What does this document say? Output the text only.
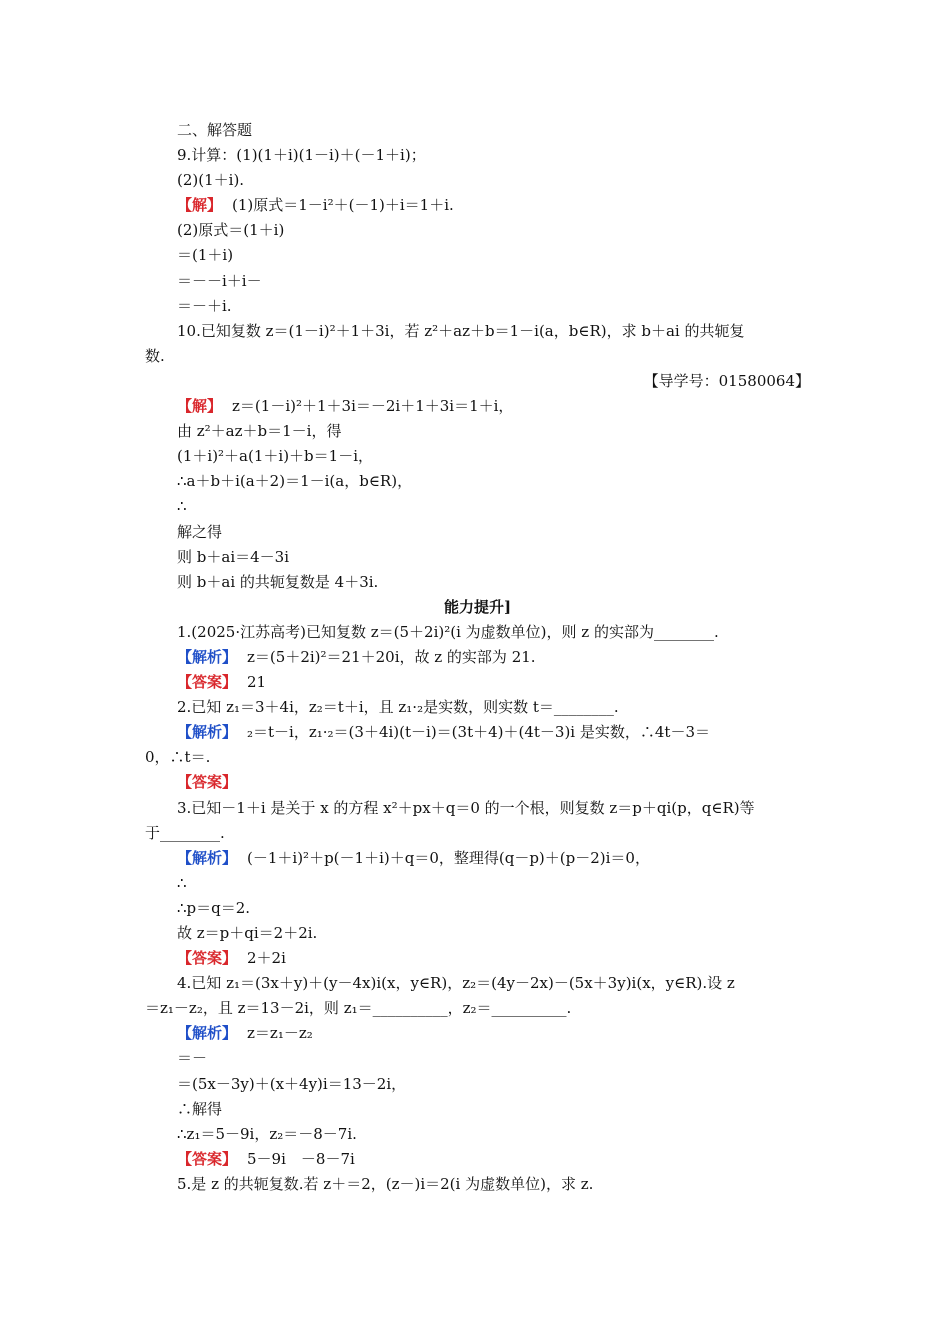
二、解答题
9.计算：(1)(1＋i)(1－i)＋(－1＋i)；
(2)(1＋i).
【解】 (1)原式＝1－i²＋(－1)＋i＝1＋i.
(2)原式＝(1＋i)
＝(1＋i)
＝－－i＋i－
＝－＋i.
10.已知复数 z＝(1－i)²＋1＋3i，若 z²＋az＋b＝1－i(a，b∈R)，求 b＋ai 的共轭复
数.
【导学号：01580064】
【解】 z＝(1－i)²＋1＋3i＝－2i＋1＋3i＝1＋i，
由 z²＋az＋b＝1－i，得
(1＋i)²＋a(1＋i)＋b＝1－i，
∴a＋b＋i(a＋2)＝1－i(a，b∈R)，
∴
解之得
则 b＋ai＝4－3i
则 b＋ai 的共轭复数是 4＋3i.
能力提升]
1.(2025·江苏高考)已知复数 z＝(5＋2i)²(i 为虚数单位)，则 z 的实部为________.
【解析】 z＝(5＋2i)²＝21＋20i，故 z 的实部为 21.
【答案】 21
2.已知 z₁＝3＋4i，z₂＝t＋i，且 z₁·₂是实数，则实数 t＝________.
【解析】 ₂＝t－i，z₁·₂＝(3＋4i)(t－i)＝(3t＋4)＋(4t－3)i 是实数，∴4t－3＝
0，∴t＝.
【答案】
3.已知－1＋i 是关于 x 的方程 x²＋px＋q＝0 的一个根，则复数 z＝p＋qi(p，q∈R)等
于________.
【解析】 (－1＋i)²＋p(－1＋i)＋q＝0，整理得(q－p)＋(p－2)i＝0，
∴
∴p＝q＝2.
故 z＝p＋qi＝2＋2i.
【答案】 2＋2i
4.已知 z₁＝(3x＋y)＋(y－4x)i(x，y∈R)，z₂＝(4y－2x)－(5x＋3y)i(x，y∈R).设 z
＝z₁－z₂，且 z＝13－2i，则 z₁＝__________，z₂＝__________.
【解析】 z＝z₁－z₂
＝－
＝(5x－3y)＋(x＋4y)i＝13－2i，
∴解得
∴z₁＝5－9i，z₂＝－8－7i.
【答案】 5－9i　－8－7i
5.是 z 的共轭复数.若 z＋＝2，(z－)i＝2(i 为虚数单位)，求 z.
